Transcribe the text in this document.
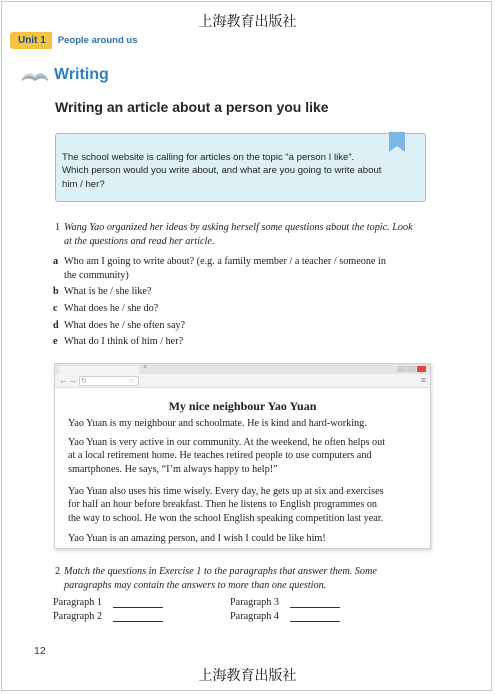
上海教育出版社
Unit 1	People around us
Writing
Writing an article about a person you like
The school website is calling for articles on the topic “a person I like”.
Which person would you write about, and what are you going to write about
him / her?
1 Wang Yao organized her ideas by asking herself some questions about the topic. Look
at the questions and read her article.
a Who am I going to write about? (e.g. a family member / a teacher / someone in
the community)
b What is he / she like?
c What does he / she do?
d What does he / she often say?
e What do I think of him / her?
×
← → ↻	☆	≡
My nice neighbour Yao Yuan
Yao Yuan is my neighbour and schoolmate. He is kind and hard-working.
Yao Yuan is very active in our community. At the weekend, he often helps out
at a local retirement home. He teaches retired people to use computers and
smartphones. He says, “I’m always happy to help!”
Yao Yuan also uses his time wisely. Every day, he gets up at six and exercises
for half an hour before breakfast. Then he listens to English programmes on
the way to school. He won the school English speaking competition last year.
Yao Yuan is an amazing person, and I wish I could be like him!
2 Match the questions in Exercise 1 to the paragraphs that answer them. Some
paragraphs may contain the answers to more than one question.
Paragraph 1	Paragraph 3
Paragraph 2	Paragraph 4
12
上海教育出版社
